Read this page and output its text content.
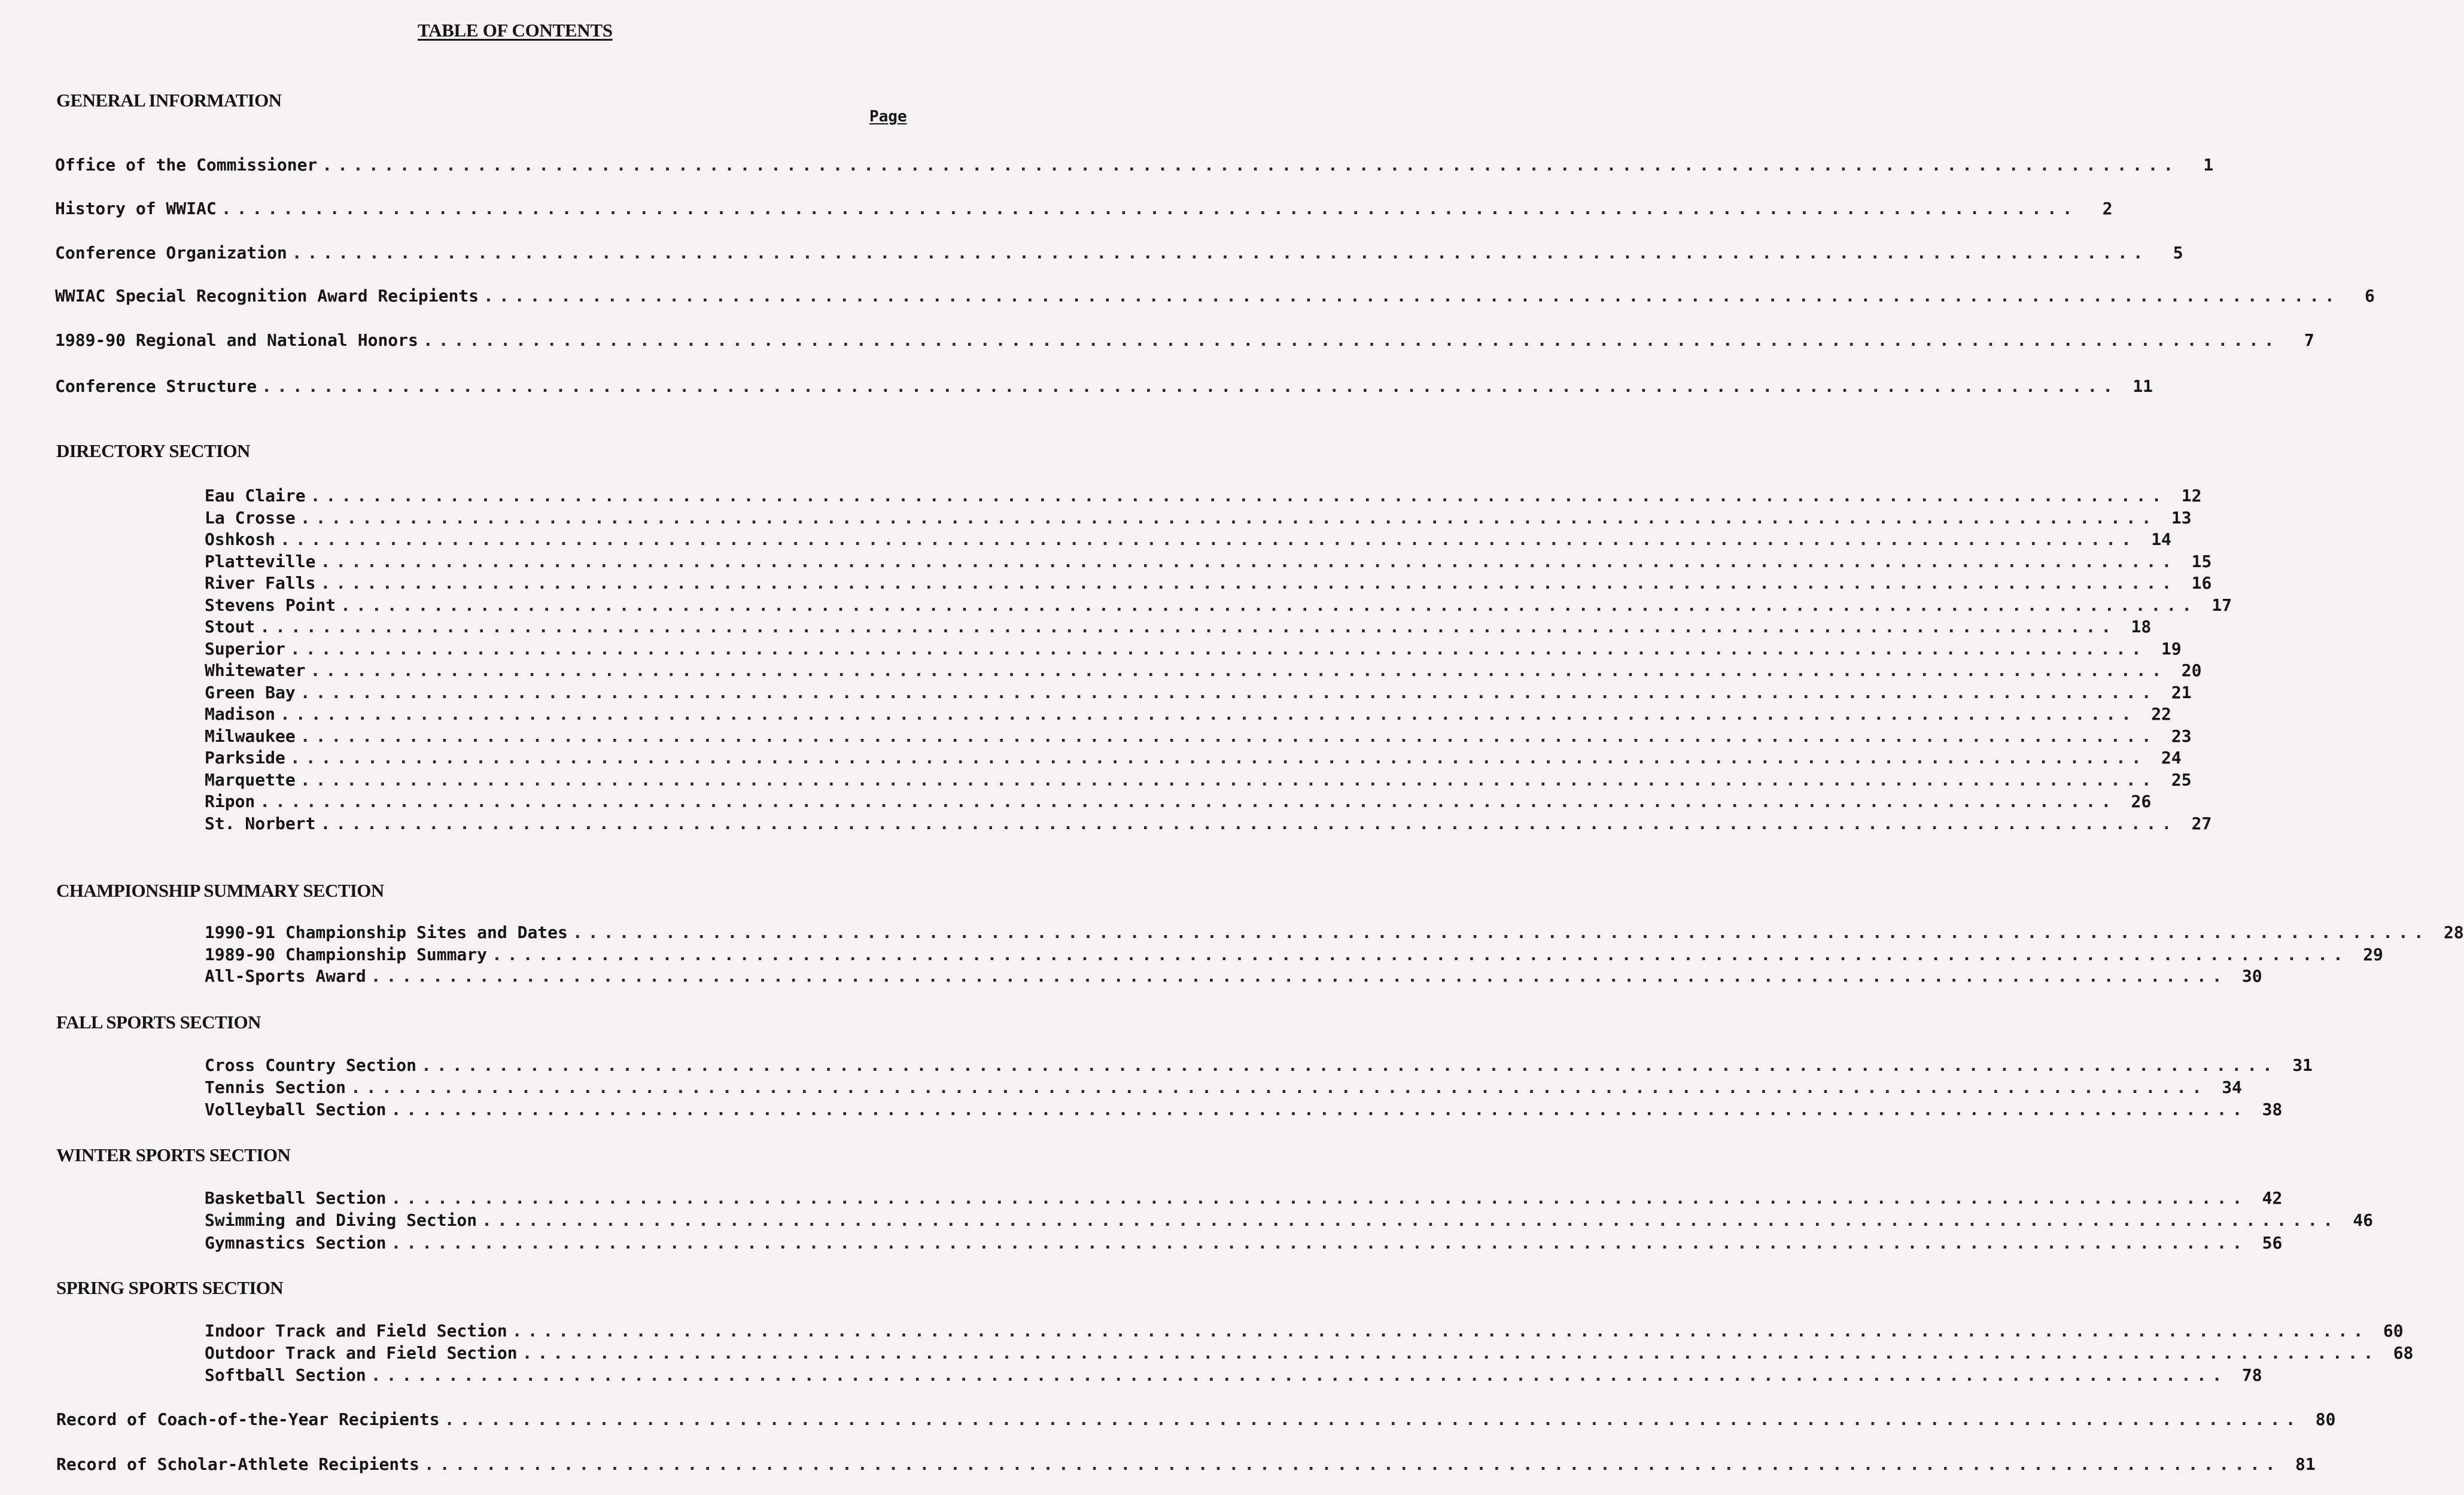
TABLE OF CONTENTS
Page
GENERAL INFORMATION
Office of the Commissioner ........................................................................................................................	1
History of WWIAC ........................................................................................................................	2
Conference Organization ........................................................................................................................	5
WWIAC Special Recognition Award Recipients ........................................................................................................................	6
1989-90 Regional and National Honors ........................................................................................................................	7
Conference Structure ........................................................................................................................ 11
DIRECTORY SECTION
Eau Claire ........................................................................................................................ 12
La Crosse ........................................................................................................................ 13
Oshkosh ........................................................................................................................ 14
Platteville ........................................................................................................................ 15
River Falls ........................................................................................................................ 16
Stevens Point ........................................................................................................................ 17
Stout ........................................................................................................................ 18
Superior ........................................................................................................................ 19
Whitewater ........................................................................................................................ 20
Green Bay ........................................................................................................................ 21
Madison ........................................................................................................................ 22
Milwaukee ........................................................................................................................ 23
Parkside ........................................................................................................................ 24
Marquette ........................................................................................................................ 25
Ripon ........................................................................................................................ 26
St. Norbert ........................................................................................................................ 27
CHAMPIONSHIP SUMMARY SECTION
1990-91 Championship Sites and Dates ........................................................................................................................ 28
1989-90 Championship Summary ........................................................................................................................ 29
All-Sports Award ........................................................................................................................ 30
FALL SPORTS SECTION
Cross Country Section ........................................................................................................................ 31
Tennis Section ........................................................................................................................ 34
Volleyball Section ........................................................................................................................ 38
WINTER SPORTS SECTION
Basketball Section ........................................................................................................................ 42
Swimming and Diving Section ........................................................................................................................ 46
Gymnastics Section ........................................................................................................................ 56
SPRING SPORTS SECTION
Indoor Track and Field Section ........................................................................................................................ 60
Outdoor Track and Field Section ........................................................................................................................ 68
Softball Section ........................................................................................................................ 78
Record of Coach-of-the-Year Recipients ........................................................................................................................ 80
Record of Scholar-Athlete Recipients ........................................................................................................................ 81
